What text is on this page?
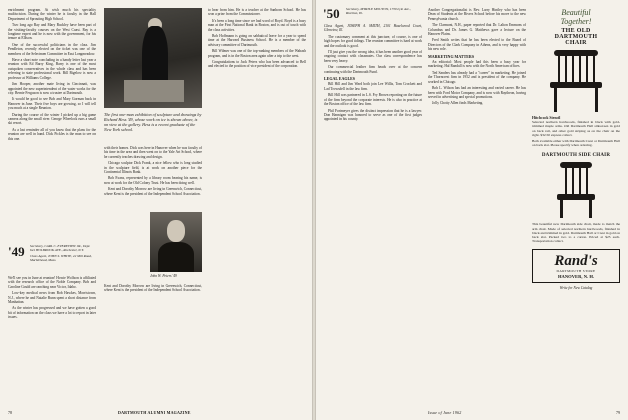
enrichment program. At wish much his speciality multiscision. During the winter he is faculty in the Hall Department of Sprouting High School.

Two long ago Ray and Mary Buckley have been part of the visiting-faculty courses on the West Coast. Ray is a longtime expert and he is now with the government, for his tenure at Ellison.

One of the successful politicians in the class. Jim Pendleton, recently elected on the ticket was one of the members of the Selectmen Committee in East Longmeadow.

Have a short note concluding in a handy letter last year a reunion with Ed Barry King, Barry is one of the most outspoken conservatives in the whole class and has been referring to state professional work. Bill Bigelow is now a professor at Williams College.

Jim Hooper, another mate living in Cincinnati, was appointed the new superintendent of the water works for the city. Bernie Ferguson is now a trustee at Dartmouth.

It would be good to see Bob and Mary Gorman back in Hanover in June. Their five boys are growing, so I will tell you much at a single Reunion.

During the course of the winter I picked up a big game camera along the small river. George Wheelock runs a small ski resort.

As a last reminder all of you know that the plans for the reunion are well in hand. Dick Pickles is the man to see on this one.

'49 Secretary, CARL C. EVEREVIEW JR., Dept. 641 HOLBROOK AVE., Rochester, N.Y.
Class Agent, JOHN S. WHITE, 22 Mill Road, Marblehead, Mass.

We'll see you in June at reunion! Howie Wolfson is affiliated with the research office of the Noble Company. Bob and Caroline Gould are ranching near Victor, Idaho.

Low-key medical news from Bob Hawkes, Morristown, N.J., where he and Natalie Bunn spent a short distance from Manhattan.

As the winter has progressed and we have gotten a good bit of information on the class we have a lot to report in later issues.

The first one-man exhibition of sculpture and drawings by Richard Hess '49, whose work on ice is shown above, is on view at the gallery. Hess is a recent graduate of the New York school.

with their homes. Dick was here in Hanover when he was faculty of his time in the area and then went on to the Yale Art School, where he currently teaches drawing and design.

Chicago sculptor Dick Frank, a nice fellow who is long studied in the sculpture field, is at work on another piece for the Continental Illinois Bank.

Bob Evans, represented by a library room bearing his name, is now at work for the Old Colony Trust. He has been doing well.

Kent and Dorothy Morrow are living in Greenwich, Connecticut, where Kent is the president of the Independent School Association.

John W. Peters '49

Kent and Dorothy Morrow are living in Greenwich, Connecticut, where Kent is the president of the Independent School Association.

to hear from him. He is a teacher at the Sanborn School. He has won a prize from the Commissioner.

It's been a long time since we had word of Boyd. Boyd is a busy man at the First National Bank in Boston, and is out of touch with the class activities.

Bob Hoffmann is going on sabbatical leave for a year to spend time at the Harvard Business School. He is a member of the advisory committee of Dartmouth.

Bill Wilmer was one of the top-ranking members of the Wabash program, and is in the Boston area again after a trip to the west.

Congratulations to Jack Peters who has been advanced to Bell and elected to the position of vice president of the corporation.

78	DARTMOUTH ALUMNI MAGAZINE
'50 Secretary, MYRTLE MOUTON, 1730 Lyle Ave., Rivetton, Ill.

Class Agent, JOSEPH A. SMITH, 2101 Hazelwood Court, Glenview, Ill.

The customary comment at this juncture, of course, is one of high hopes for good tidings. The reunion committee is hard at work and the outlook is good.

I'll just give you the wrong idea, it has been another good year of ongoing contact with classmates. Our class correspondence has been very heavy.

Our commercial leather firm heads over at the concern continuing with the Dartmouth Fund.

LEGAL EAGLES

Bill Hill and Jim Ward both join Lee Willis, Tom Crockett and Lad Trowsdell in the law firm.

Bill Hill was partnered in L.S. Fry Brown reporting on the future of the firm beyond the corporate interests. He is also in practice at the Boston office of the law firm.

Phil Fortmeyer gives the distinct impression that he is a lawyer. Don Hannigan was honored to serve as one of the first judges appointed in his county.

Another Congregationalist is Rev. Larry Hintley who has been Dean of Students at the Rivers School before his move to the new Pennsylvania church.

The Clarmont, N.H., paper reported that Dr. Lalton Emmons of Columbus and Dr. James G. Matthews gave a lecture on the Hanover Plains.

Fred Smith writes that he has been elected to the Board of Directors of the Clark Company in Athens, and is very happy with his new role.

MARKETING MATTERS

An editorial: Most people had this been a busy year for marketing. Hal Randall is now with the North American offices.

Ted Sanders has already had a "career" in marketing. He joined the Thorncrest firm in 1952 and is president of the company. He worked in Chicago.

Bob L. Wilson has had an interesting and varied career. He has been with Ford Motor Company, and is now with Raytheon, having served in advertising and special promotions.

Jolly Chotty Allen finds Marketing.

Beautiful
Together!
THE OLD
DARTMOUTH
CHAIR
Hitchcock Stencil
Selected northern hardwoods, finished in black with gold-trimmed maple arms. Old Dartmouth Hall silkscreen in gold on back rail, and other gold striping as on the chair on the right. $32.50 express collect.
Both available either with Dartmouth Crest or Dartmouth Hall on back slat. Please specify when ordering.
DARTMOUTH SIDE CHAIR
This beautiful new Dartmouth side chair, made to match the arm chair. Made of selected northern hardwoods, finished in black and trimmed in gold. Dartmouth Hall or Crest in gold on back slat. Packed two to a carton. Priced at $25 each. Transportation collect.
Rand's
DARTMOUTH STORE
HANOVER, N. H.
Write for New Catalog
Issue of June 1962	79
